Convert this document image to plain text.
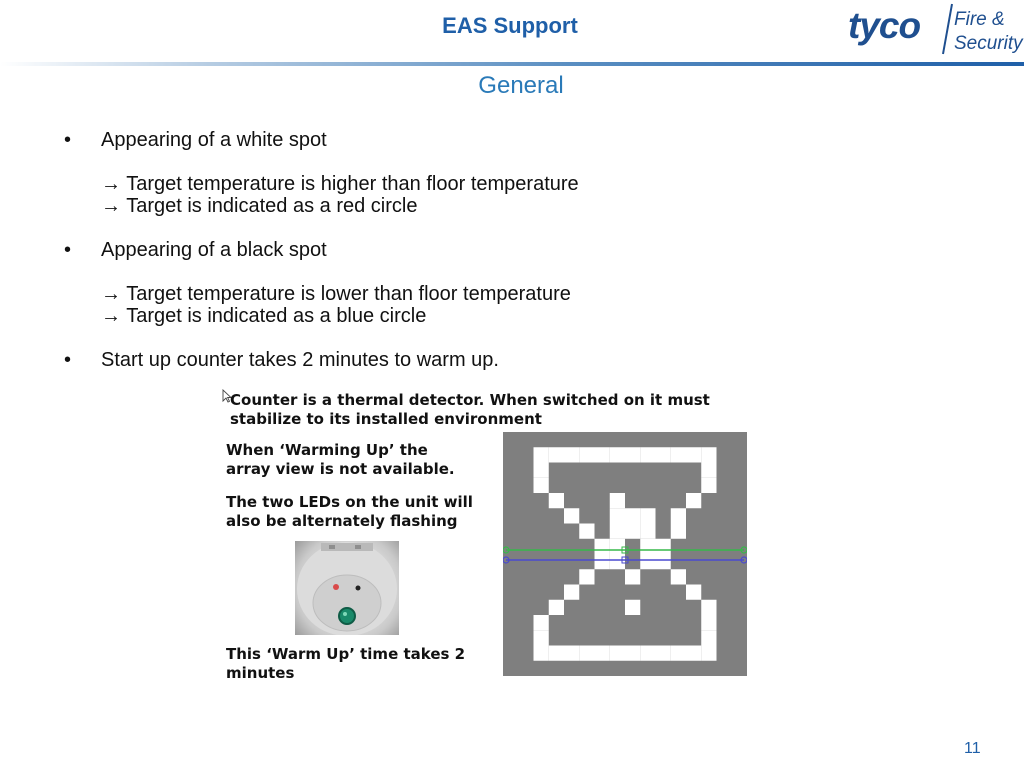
EAS Support	tyco Fire &
Security
General
• Appearing of a white spot
→ Target temperature is higher than floor temperature
→ Target is indicated as a red circle
• Appearing of a black spot
→ Target temperature is lower than floor temperature
→ Target is indicated as a blue circle
• Start up counter takes 2 minutes to warm up.
Counter is a thermal detector. When switched on it must
stabilize to its installed environment
When ‘Warming Up’ the
array view is not available.
The two LEDs on the unit will
also be alternately flashing
This ‘Warm Up’ time takes 2
minutes
11
